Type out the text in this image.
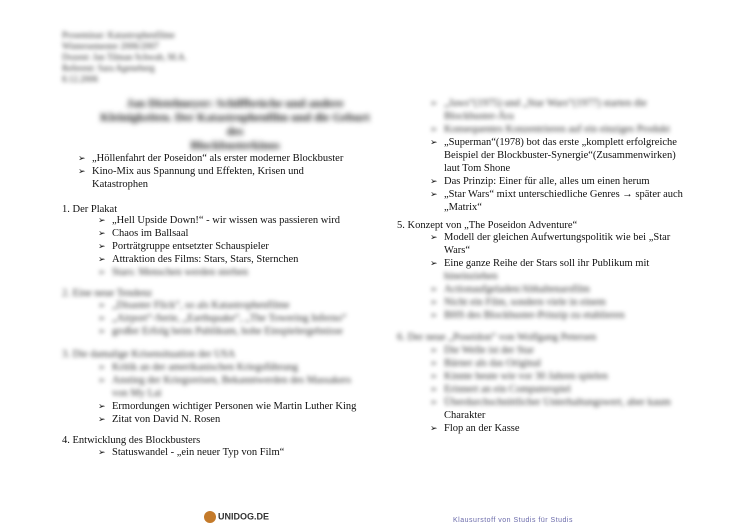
Proseminar: Katastrophenfilme
Wintersemester 2006/2007
Dozent: Jan Tilman Schwab, M.A.
Referent: Sara Ageneberg
8.12.2006
Jan Distelmeyer: Schiffbrüche und andere
Kleinigkeiten. Der Katastrophenfilm und die Geburt des
Blockbusterkinos
➢ „Höllenfahrt der Poseidon“ als erster moderner Blockbuster
➢ Kino-Mix aus Spannung und Effekten, Krisen und
Katastrophen
1. Der Plakat
➢ „Hell Upside Down!“ - wir wissen was passieren wird
➢ Chaos im Ballsaal
➢ Porträtgruppe entsetzter Schauspieler
➢ Attraktion des Films: Stars, Stars, Sternchen
➢ Stars: Menschen werden sterben
2. Eine neue Tendenz
➢ „Disaster Flick“, so als Katastrophenfilme
➢ „Airport“-Serie, „Earthquake“, „The Towering Inferno“
➢ großer Erfolg beim Publikum, hohe Einspielergebnisse
3. Die damalige Krisensituation der USA
➢ Kritik an der amerikanischen Kriegsführung
➢ Anstieg der Kriegsreisen, Bekanntwerden des Massakers
von My Lai
➢ Ermordungen wichtiger Personen wie Martin Luther King
➢ Zitat von David N. Rosen
4. Entwicklung des Blockbusters
➢ Statuswandel - „ein neuer Typ von Film“
➢ „Jaws“(1975) und „Star Wars“(1977) starten die
Blockbuster-Ära
➢ Konsequentes Konzentrieren auf ein einziges Produkt
➢ „Superman“(1978) bot das erste „komplett erfolgreiche
Beispiel der Blockbuster-Synergie“(Zusammenwirken)
laut Tom Shone
➢ Das Prinzip: Einer für alle, alles um einen herum
➢ „Star Wars“ mixt unterschiedliche Genres → später auch
„Matrix“
5. Konzept von „The Poseidon Adventure“
➢ Modell der gleichen Aufwertungspolitik wie bei „Star
Wars“
➢ Eine ganze Reihe der Stars soll ihr Publikum mit
hineinziehen
➢ Actionaufgeladen/Abhaltenarsfilm
➢ Nicht ein Film, sondern viele in einem
➢ BHS des Blockbuster-Prinzip zu etablieren
6. Der neue „Poseidon“ von Wolfgang Petersen
➢ Die Welle ist der Star
➢ Bärner als das Original
➢ Kinnte heute wie vor 30 Jahren spielen
➢ Erinnert an ein Computerspiel
➢ Überdurchschnittlicher Unterhaltungswert, aber kaum
Charakter
➢ Flop an der Kasse
UNIDOG.DE	Klausurstoff von Studis für Studis
